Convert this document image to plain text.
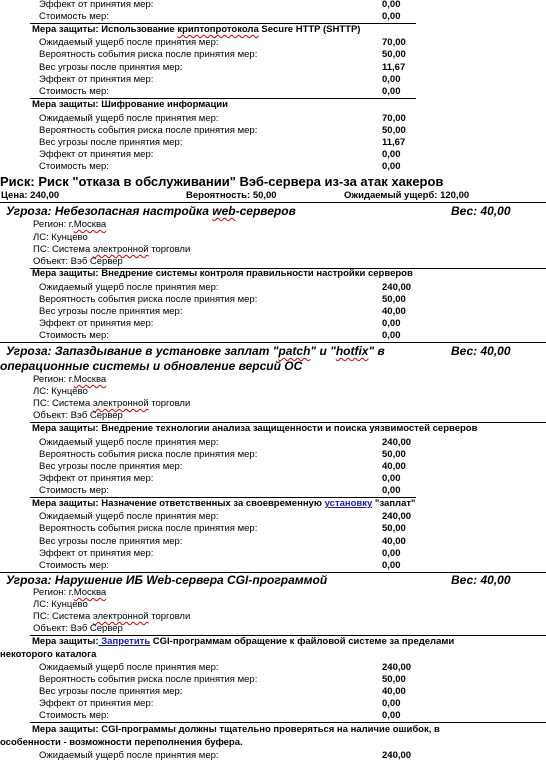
Эффект от принятия мер:	0,00
Стоимость мер:	0,00
Мера защиты: Использование криптопротокола Secure HTTP (SHTTP)
Ожидаемый ущерб после принятия мер:	70,00
Вероятность события риска после принятия мер:	50,00
Вес угрозы после принятия мер:	11,67
Эффект от принятия мер:	0,00
Стоимость мер:	0,00
Мера защиты: Шифрование информации
Ожидаемый ущерб после принятия мер:	70,00
Вероятность события риска после принятия мер:	50,00
Вес угрозы после принятия мер:	11,67
Эффект от принятия мер:	0,00
Стоимость мер:	0,00
Риск: Риск "отказа в обслуживании" Вэб-сервера из-за атак хакеров
Цена: 240,00	Вероятность: 50,00	Ожидаемый ущерб: 120,00
Угроза: Небезопасная настройка web-серверов	Вес: 40,00
Регион: г.Москва
ЛС: Кунцево
ПС: Система электронной торговли
Объект: Вэб Сервер
Мера защиты: Внедрение системы контроля правильности настройки серверов
Ожидаемый ущерб после принятия мер:	240,00
Вероятность события риска после принятия мер:	50,00
Вес угрозы после принятия мер:	40,00
Эффект от принятия мер:	0,00
Стоимость мер:	0,00
Угроза: Запаздывание в установке заплат "patch" и "hotfix" в	Вес: 40,00
операционные системы и обновление версий ОС
Регион: г.Москва
ЛС: Кунцево
ПС: Система электронной торговли
Объект: Вэб Сервер
Мера защиты: Внедрение технологии анализа защищенности и поиска уязвимостей серверов
Ожидаемый ущерб после принятия мер:	240,00
Вероятность события риска после принятия мер:	50,00
Вес угрозы после принятия мер:	40,00
Эффект от принятия мер:	0,00
Стоимость мер:	0,00
Мера защиты: Назначение ответственных за своевременную установку "заплат"
Ожидаемый ущерб после принятия мер:	240,00
Вероятность события риска после принятия мер:	50,00
Вес угрозы после принятия мер:	40,00
Эффект от принятия мер:	0,00
Стоимость мер:	0,00
Угроза: Нарушение ИБ Web-сервера CGI-программой	Вес: 40,00
Регион: г.Москва
ЛС: Кунцево
ПС: Система электронной торговли
Объект: Вэб Сервер
Мера защиты: Запретить CGI-программам обращение к файловой системе за пределами
некоторого каталога
Ожидаемый ущерб после принятия мер:	240,00
Вероятность события риска после принятия мер:	50,00
Вес угрозы после принятия мер:	40,00
Эффект от принятия мер:	0,00
Стоимость мер:	0,00
Мера защиты: CGI-программы должны тщательно проверяться на наличие ошибок, в
особенности - возможности переполнения буфера.
Ожидаемый ущерб после принятия мер:	240,00
